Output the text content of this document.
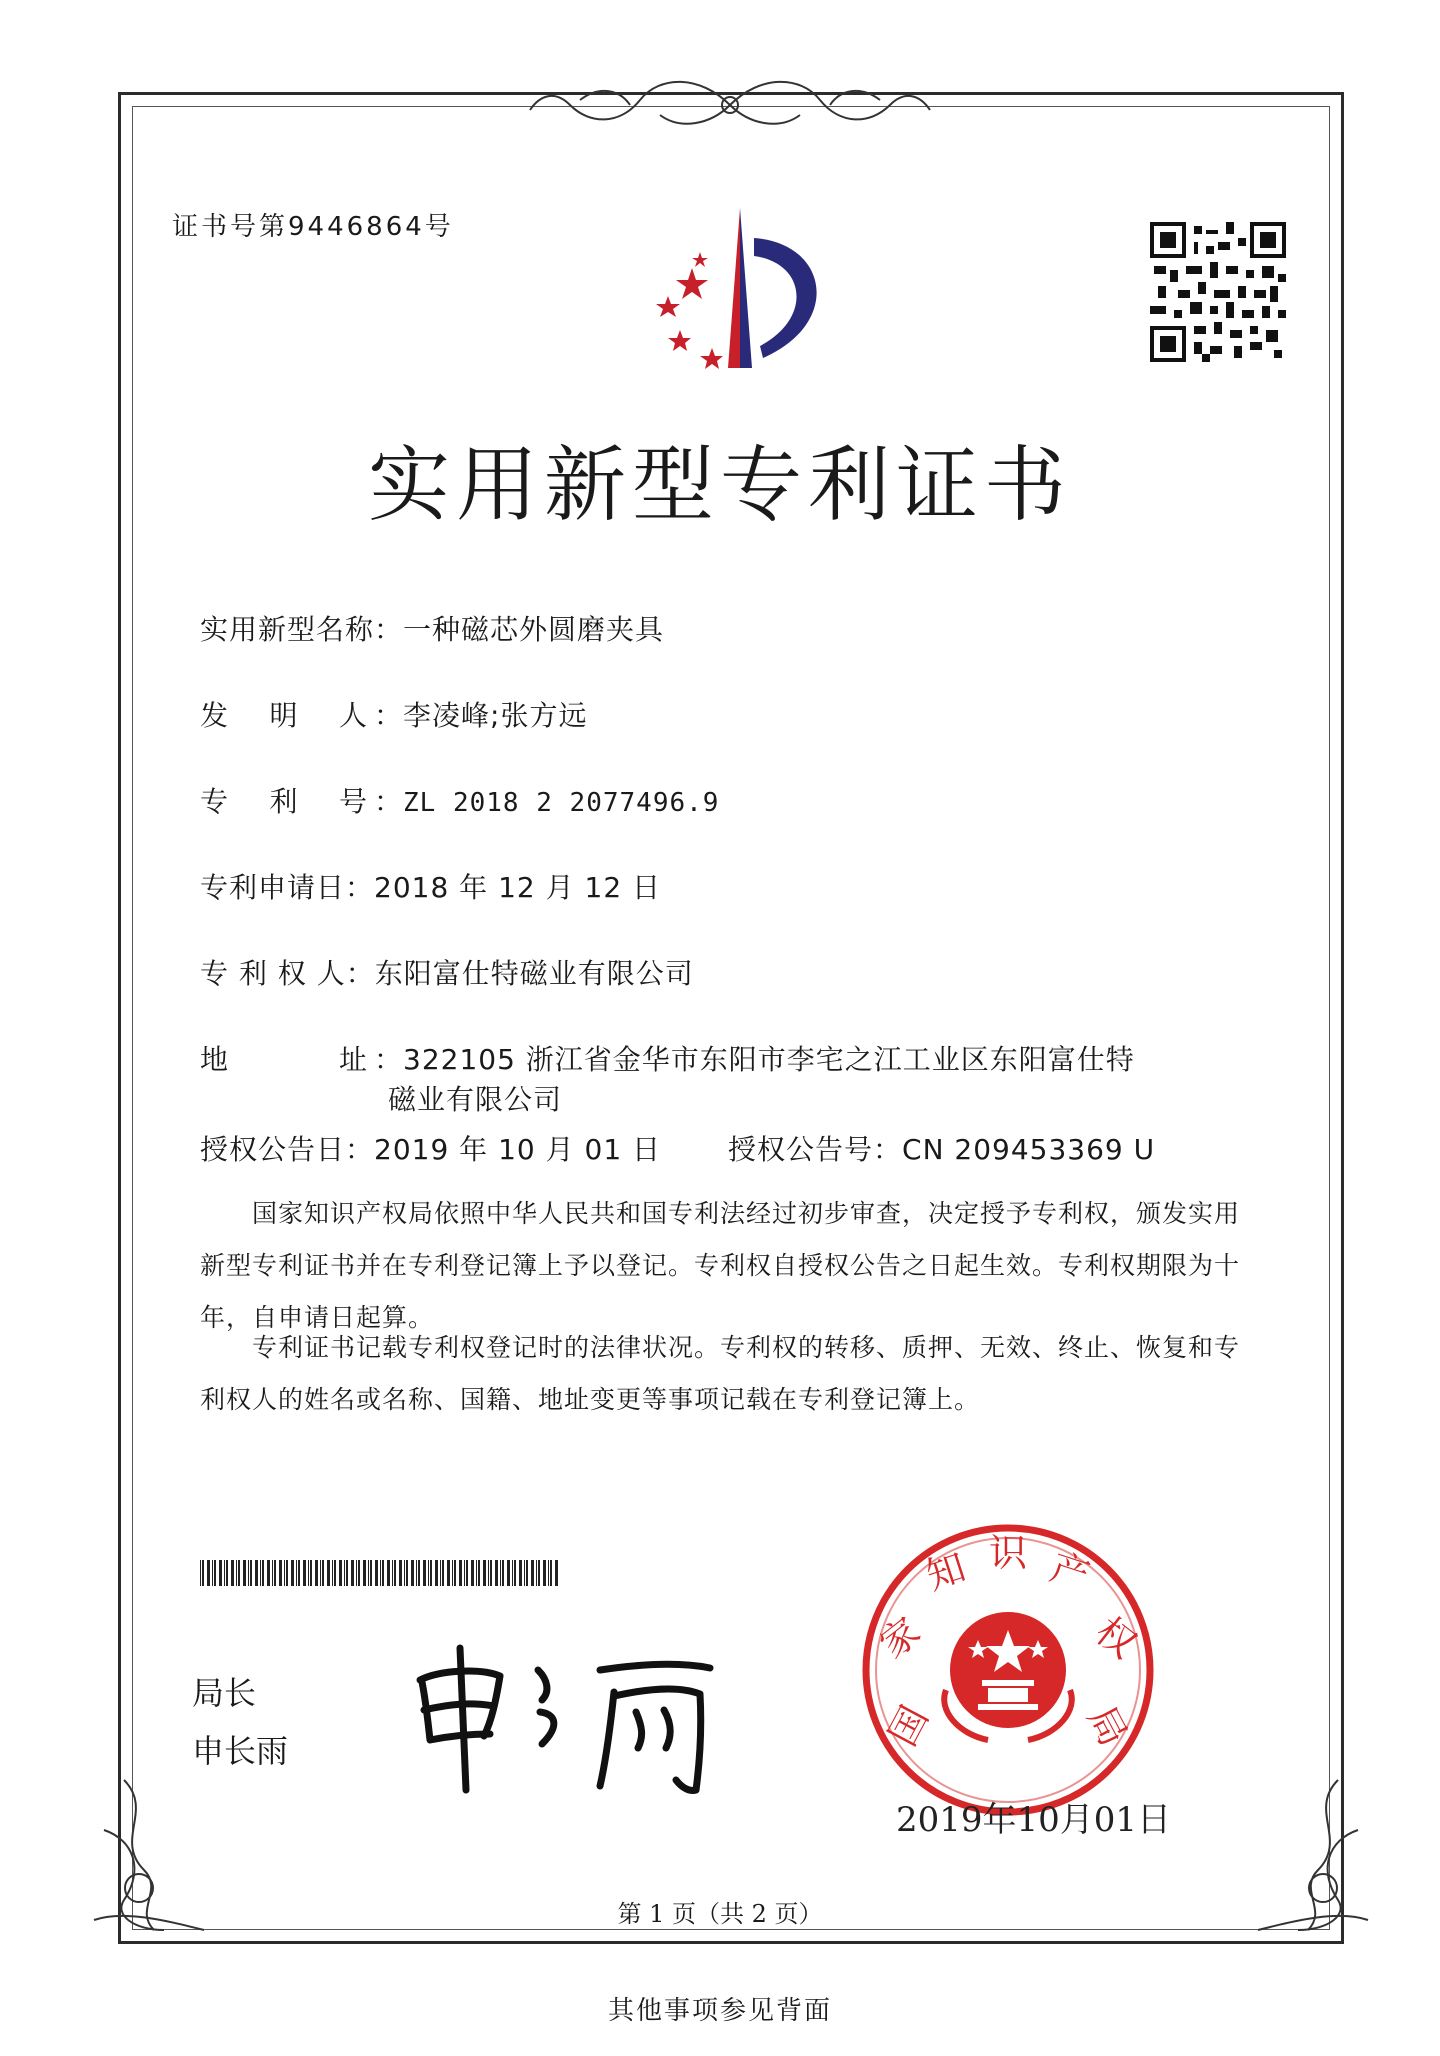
证书号第9446864号
实用新型专利证书
实用新型名称：一种磁芯外圆磨夹具
发 明 人 ：李凌峰;张方远
专 利 号 ：ZL 2018 2 2077496.9
专利申请日：2018 年 12 月 12 日
专 利 权 人：东阳富仕特磁业有限公司
地	址 ：322105 浙江省金华市东阳市李宅之江工业区东阳富仕特
磁业有限公司
授权公告日：2019 年 10 月 01 日 授权公告号：CN 209453369 U
国家知识产权局依照中华人民共和国专利法经过初步审查，决定授予专利权，颁发实用新型专利证书并在专利登记簿上予以登记。专利权自授权公告之日起生效。专利权期限为十年，自申请日起算。
专利证书记载专利权登记时的法律状况。专利权的转移、质押、无效、终止、恢复和专利权人的姓名或名称、国籍、地址变更等事项记载在专利登记簿上。
局长
申长雨	国
家
知 识 产
权
局
2019年10月01日
第 1 页（共 2 页）
其他事项参见背面
